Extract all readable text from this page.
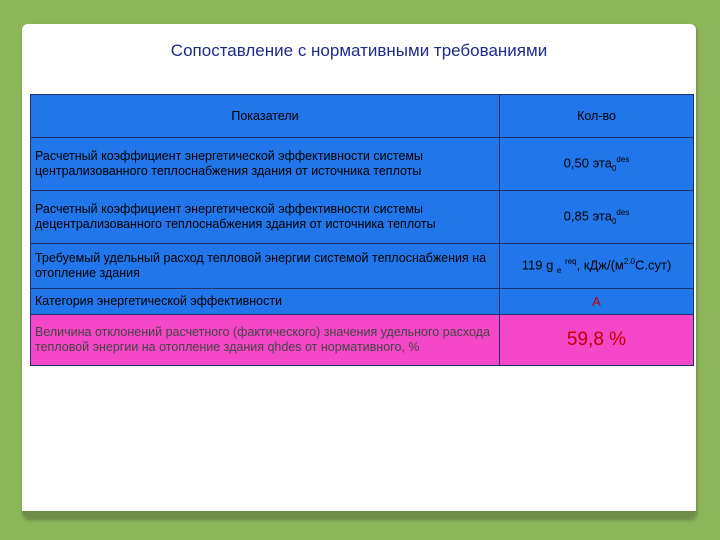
Сопоставление с нормативными требованиями
Показатели	Кол-во
Расчетный коэффициент энергетической эффективности системы централизованного теплоснабжения здания от источника теплоты	0,50 эта$_0^{des}$
Расчетный коэффициент энергетической эффективности системы децентрализованного теплоснабжения здания от источника теплоты	0,85 эта$_0^{des}$
Требуемый удельный расход тепловой энергии системой теплоснабжения на отопление здания	119 g $_e$ $^{req}$, кДж/$(м^{2.0}С.сут)$
Категория энергетической эффективности	A
Величина отклонений расчетного (фактического) значения удельного расхода тепловой энергии на отопление здания qhdes от нормативного, %	59,8 %
